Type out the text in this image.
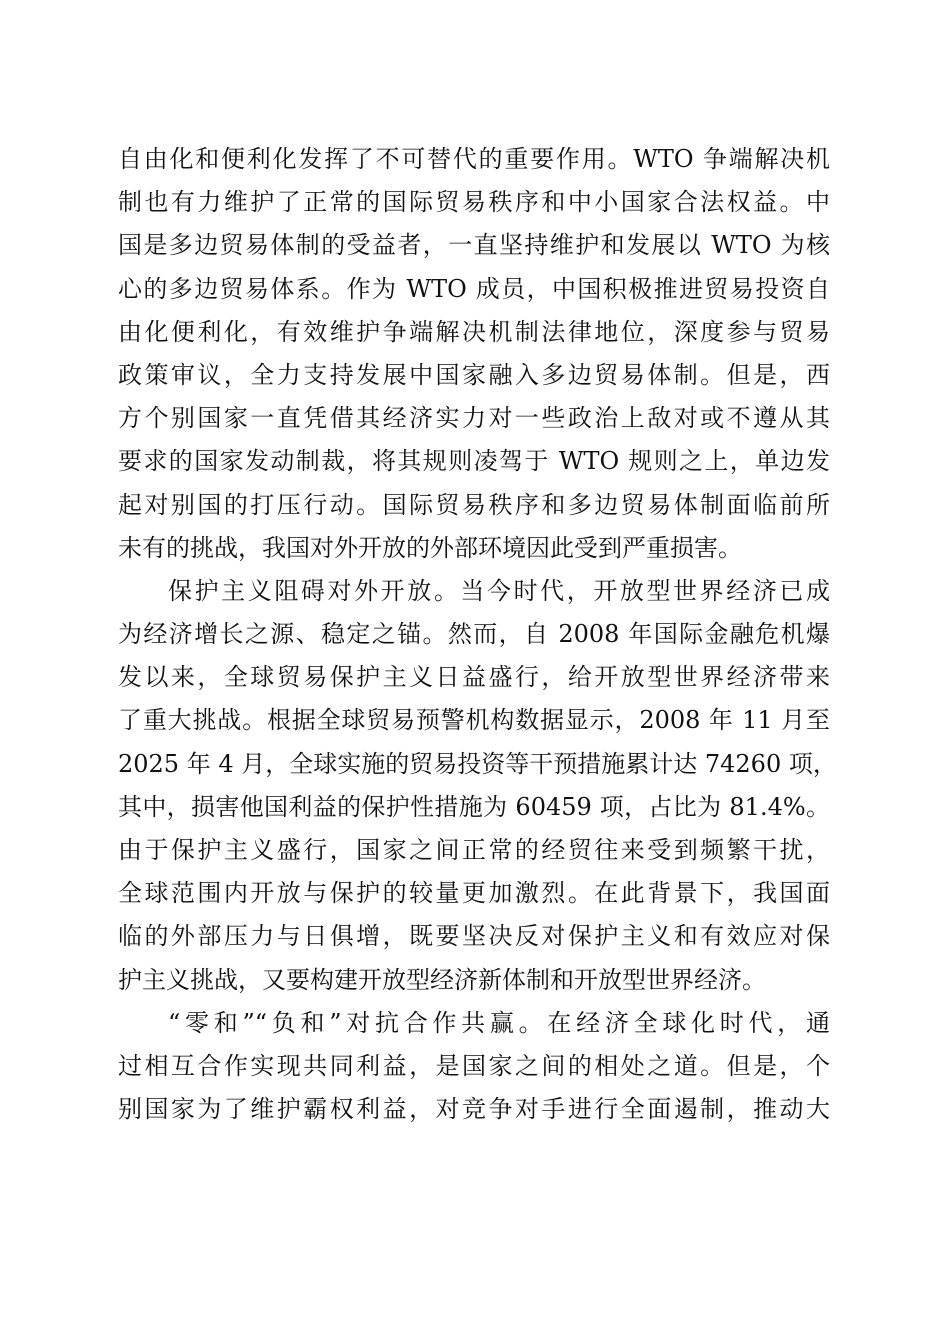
自由化和便利化发挥了不可替代的重要作用。WTO 争端解决机
制也有力维护了正常的国际贸易秩序和中小国家合法权益。中
国是多边贸易体制的受益者，一直坚持维护和发展以 WTO 为核
心的多边贸易体系。作为 WTO 成员，中国积极推进贸易投资自
由化便利化，有效维护争端解决机制法律地位，深度参与贸易
政策审议，全力支持发展中国家融入多边贸易体制。但是，西
方个别国家一直凭借其经济实力对一些政治上敌对或不遵从其
要求的国家发动制裁，将其规则凌驾于 WTO 规则之上，单边发
起对别国的打压行动。国际贸易秩序和多边贸易体制面临前所
未有的挑战，我国对外开放的外部环境因此受到严重损害。
保护主义阻碍对外开放。当今时代，开放型世界经济已成
为经济增长之源、稳定之锚。然而，自 2008 年国际金融危机爆
发以来，全球贸易保护主义日益盛行，给开放型世界经济带来
了重大挑战。根据全球贸易预警机构数据显示，2008 年 11 月至
2025 年 4 月，全球实施的贸易投资等干预措施累计达 74260 项，
其中，损害他国利益的保护性措施为 60459 项，占比为 81.4%。
由于保护主义盛行，国家之间正常的经贸往来受到频繁干扰，
全球范围内开放与保护的较量更加激烈。在此背景下，我国面
临的外部压力与日俱增，既要坚决反对保护主义和有效应对保
护主义挑战，又要构建开放型经济新体制和开放型世界经济。
“零和”“负和”对抗合作共赢。在经济全球化时代，通
过相互合作实现共同利益，是国家之间的相处之道。但是，个
别国家为了维护霸权利益，对竞争对手进行全面遏制，推动大
